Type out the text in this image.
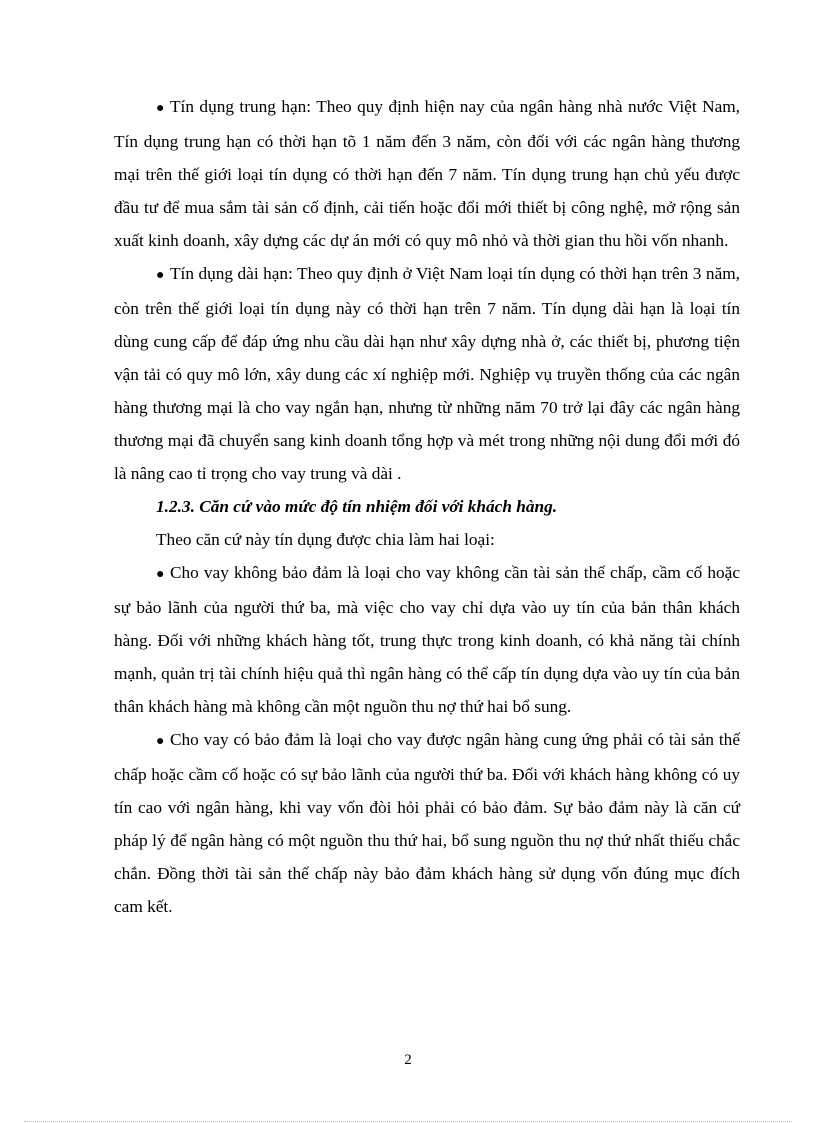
● Tín dụng trung hạn: Theo quy định hiện nay của ngân hàng nhà nước Việt Nam, Tín dụng trung hạn có thời hạn tõ 1 năm đến 3 năm, còn đối với các ngân hàng thương mại trên thế giới loại tín dụng có thời hạn đến 7 năm. Tín dụng trung hạn chủ yếu được đầu tư để mua sắm tài sản cố định, cải tiến hoặc đổi mới thiết bị công nghệ, mở rộng sản xuất kinh doanh, xây dựng các dự án mới có quy mô nhỏ và thời gian thu hồi vốn nhanh.

● Tín dụng dài hạn: Theo quy định ở Việt Nam loại tín dụng có thời hạn trên 3 năm, còn trên thế giới loại tín dụng này có thời hạn trên 7 năm. Tín dụng dài hạn là loại tín dùng cung cấp để đáp ứng nhu cầu dài hạn như xây dựng nhà ở, các thiết bị, phương tiện vận tải có quy mô lớn, xây dung các xí nghiệp mới. Nghiệp vụ truyền thống của các ngân hàng thương mại là cho vay ngắn hạn, nhưng từ những năm 70 trở lại đây các ngân hàng thương mại đã chuyển sang kinh doanh tổng hợp và mét trong những nội dung đổi mới đó là nâng cao tỉ trọng cho vay trung và dài .

1.2.3. Căn cứ vào mức độ tín nhiệm đối với khách hàng.

Theo căn cứ này tín dụng được chia làm hai loại:

● Cho vay không bảo đảm là loại cho vay không cần tài sản thế chấp, cầm cố hoặc sự bảo lãnh của người thứ ba, mà việc cho vay chỉ dựa vào uy tín của bản thân khách hàng. Đối với những khách hàng tốt, trung thực trong kinh doanh, có khả năng tài chính mạnh, quản trị tài chính hiệu quả thì ngân hàng có thể cấp tín dụng dựa vào uy tín của bản thân khách hàng mà không cần một nguồn thu nợ thứ hai bổ sung.

● Cho vay có bảo đảm là loại cho vay được ngân hàng cung ứng phải có tài sản thế chấp hoặc cầm cố hoặc có sự bảo lãnh của người thứ ba. Đối với khách hàng không có uy tín cao với ngân hàng, khi vay vốn đòi hỏi phải có bảo đảm. Sự bảo đảm này là căn cứ pháp lý để ngân hàng có một nguồn thu thứ hai, bổ sung nguồn thu nợ thứ nhất thiếu chắc chắn. Đồng thời tài sản thế chấp này bảo đảm khách hàng sử dụng vốn đúng mục đích cam kết.

2
